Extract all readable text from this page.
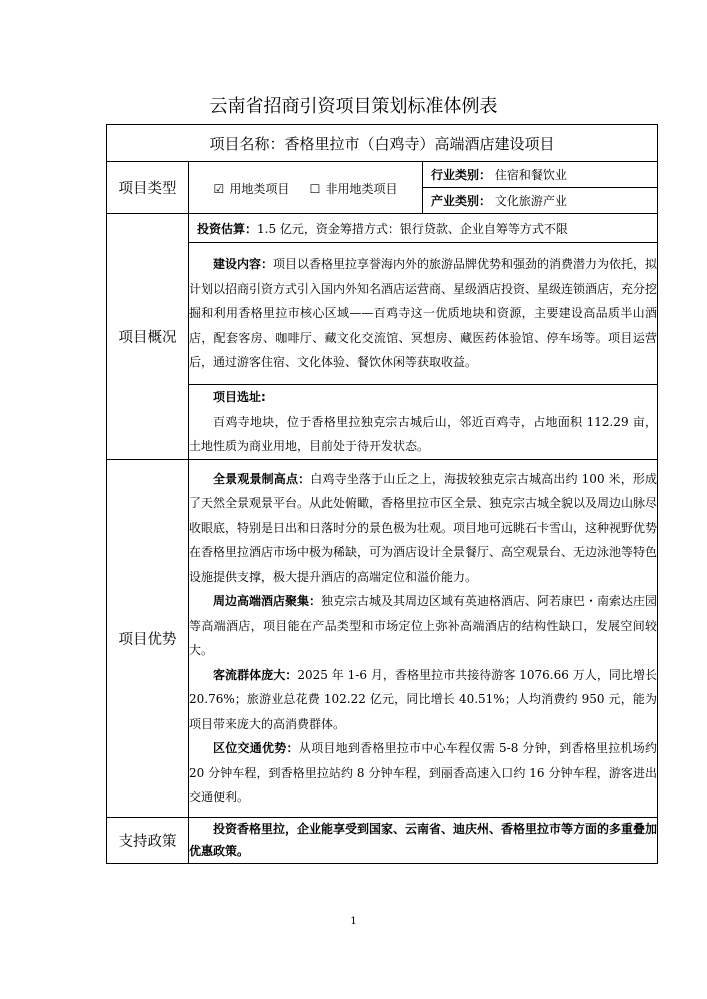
云南省招商引资项目策划标准体例表
项目名称：香格里拉市（白鸡寺）高端酒店建设项目		
项目类型	☑ 用地类项目 ☐ 非用地类项目	行业类别： 住宿和餐饮业
		产业类别： 文化旅游产业
项目概况	投资估算：1.5 亿元，资金筹措方式：银行贷款、企业自筹等方式不限	

	建设内容：项目以香格里拉享誉海内外的旅游品牌优势和强劲的消费潜力为依托，拟计划以招商引资方式引入国内外知名酒店运营商、星级酒店投资、星级连锁酒店，充分挖掘和利用香格里拉市核心区域——百鸡寺这一优质地块和资源，主要建设高品质半山酒店，配套客房、咖啡厅、藏文化交流馆、冥想房、藏医药体验馆、停车场等。项目运营后，通过游客住宿、文化体验、餐饮休闲等获取收益。	

	项目选址:
百鸡寺地块，位于香格里拉独克宗古城后山，邻近百鸡寺，占地面积 112.29 亩，土地性质为商业用地，目前处于待开发状态。	

项目优势	全景观景制高点：白鸡寺坐落于山丘之上，海拔较独克宗古城高出约 100 米，形成了天然全景观景平台。从此处俯瞰，香格里拉市区全景、独克宗古城全貌以及周边山脉尽收眼底，特别是日出和日落时分的景色极为壮观。项目地可远眺石卡雪山，这种视野优势在香格里拉酒店市场中极为稀缺，可为酒店设计全景餐厅、高空观景台、无边泳池等特色设施提供支撑，极大提升酒店的高端定位和溢价能力。
周边高端酒店聚集：独克宗古城及其周边区域有英迪格酒店、阿若康巴・南索达庄园等高端酒店，项目能在产品类型和市场定位上弥补高端酒店的结构性缺口，发展空间较大。
客流群体庞大：2025 年 1-6 月，香格里拉市共接待游客 1076.66 万人，同比增长 20.76%；旅游业总花费 102.22 亿元，同比增长 40.51%；人均消费约 950 元，能为项目带来庞大的高消费群体。
区位交通优势：从项目地到香格里拉市中心车程仅需 5-8 分钟，到香格里拉机场约 20 分钟车程，到香格里拉站约 8 分钟车程，到丽香高速入口约 16 分钟车程，游客进出交通便利。	

支持政策	投资香格里拉，企业能享受到国家、云南省、迪庆州、香格里拉市等方面的多重叠加优惠政策。	
1
